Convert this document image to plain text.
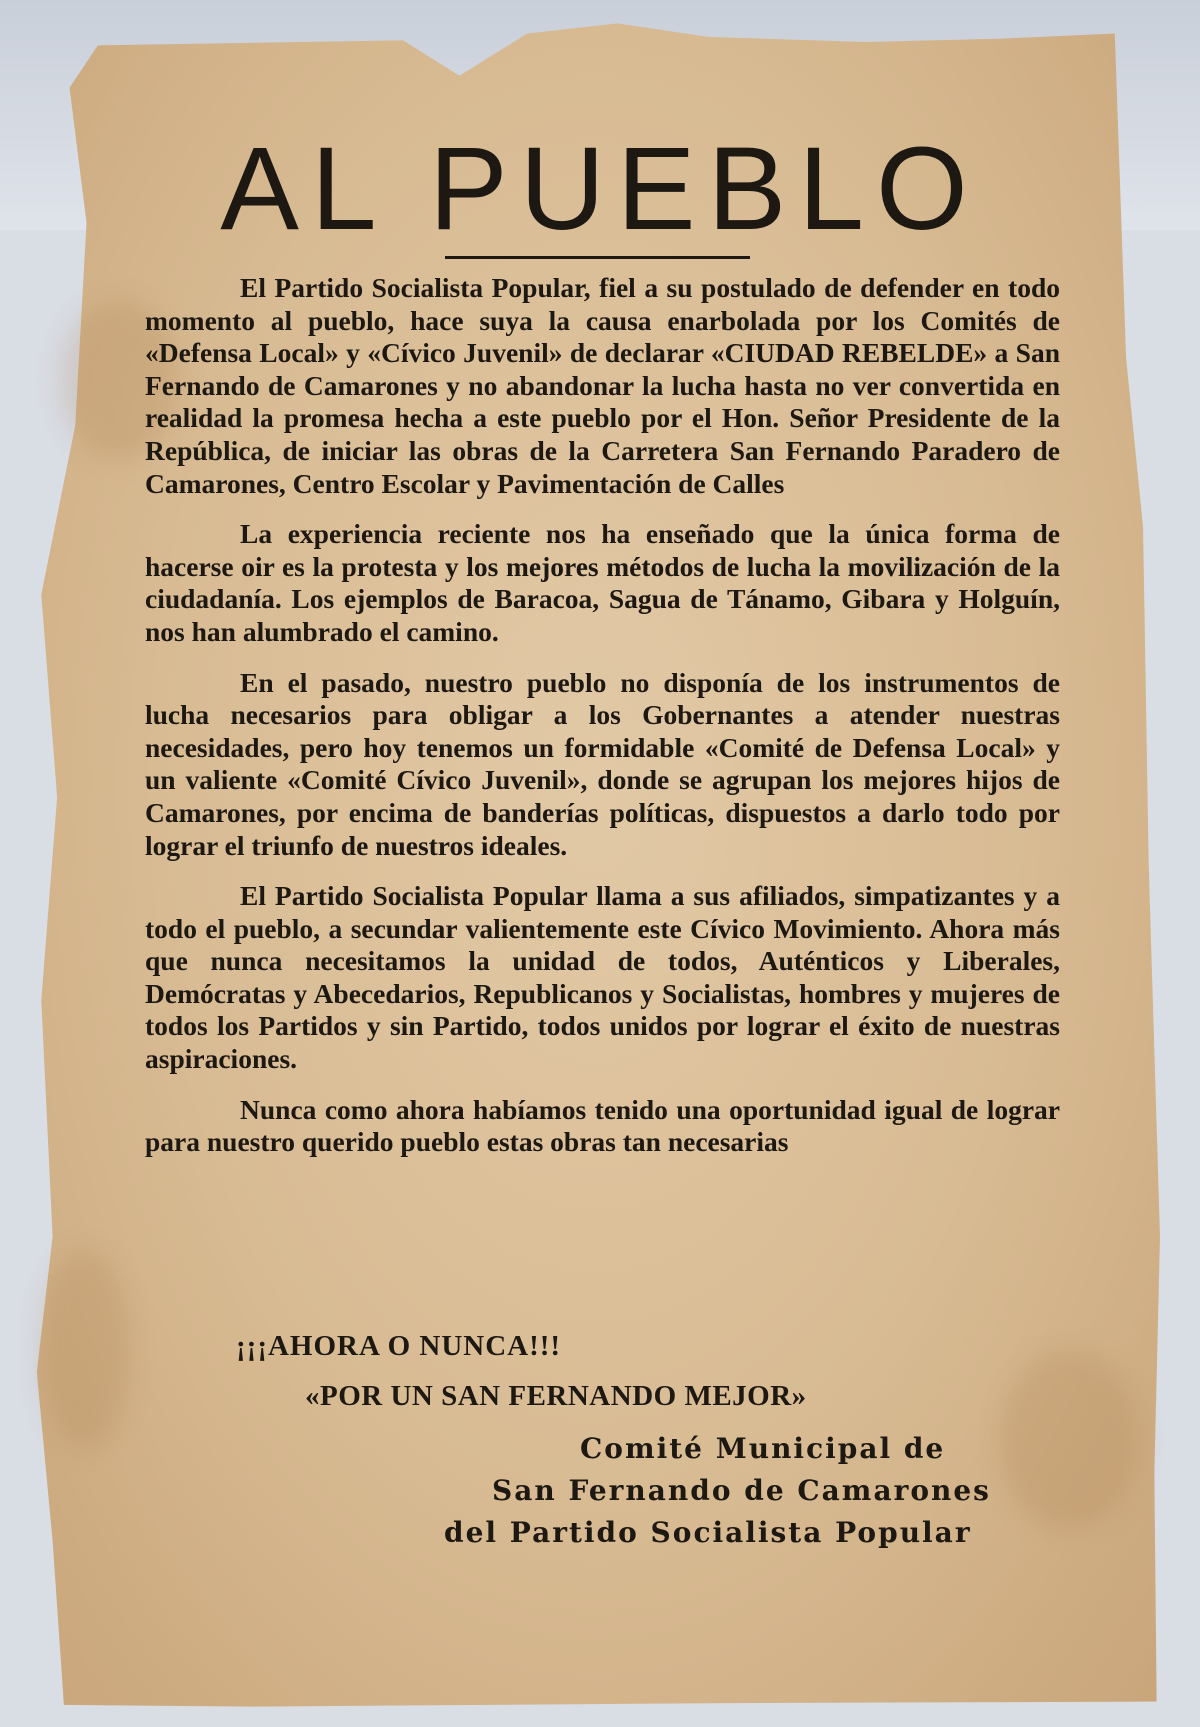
AL PUEBLO

El Partido Socialista Popular, fiel a su postulado de defender en todo momento al pueblo, hace suya la causa enarbolada por los Comités de «Defensa Local» y «Cívico Juvenil» de declarar «CIUDAD REBELDE» a San Fernando de Camarones y no abandonar la lucha hasta no ver convertida en realidad la promesa hecha a este pueblo por el Hon. Señor Presidente de la República, de iniciar las obras de la Carretera San Fernando Paradero de Camarones, Centro Escolar y Pavimentación de Calles

La experiencia reciente nos ha enseñado que la única forma de hacerse oir es la protesta y los mejores métodos de lucha la movilización de la ciudadanía. Los ejemplos de Baracoa, Sagua de Tánamo, Gibara y Holguín, nos han alumbrado el camino.

En el pasado, nuestro pueblo no disponía de los instrumentos de lucha necesarios para obligar a los Gobernantes a atender nuestras necesidades, pero hoy tenemos un formidable «Comité de Defensa Local» y un valiente «Comité Cívico Juvenil», donde se agrupan los mejores hijos de Camarones, por encima de banderías políticas, dispuestos a darlo todo por lograr el triunfo de nuestros ideales.

El Partido Socialista Popular llama a sus afiliados, simpatizantes y a todo el pueblo, a secundar valientemente este Cívico Movimiento. Ahora más que nunca necesitamos la unidad de todos, Auténticos y Liberales, Demócratas y Abecedarios, Republicanos y Socialistas, hombres y mujeres de todos los Partidos y sin Partido, todos unidos por lograr el éxito de nuestras aspiraciones.

Nunca como ahora habíamos tenido una oportunidad igual de lograr para nuestro querido pueblo estas obras tan necesarias

¡¡¡AHORA O NUNCA!!!
«POR UN SAN FERNANDO MEJOR»
Comité Municipal de
San Fernando de Camarones
del Partido Socialista Popular
